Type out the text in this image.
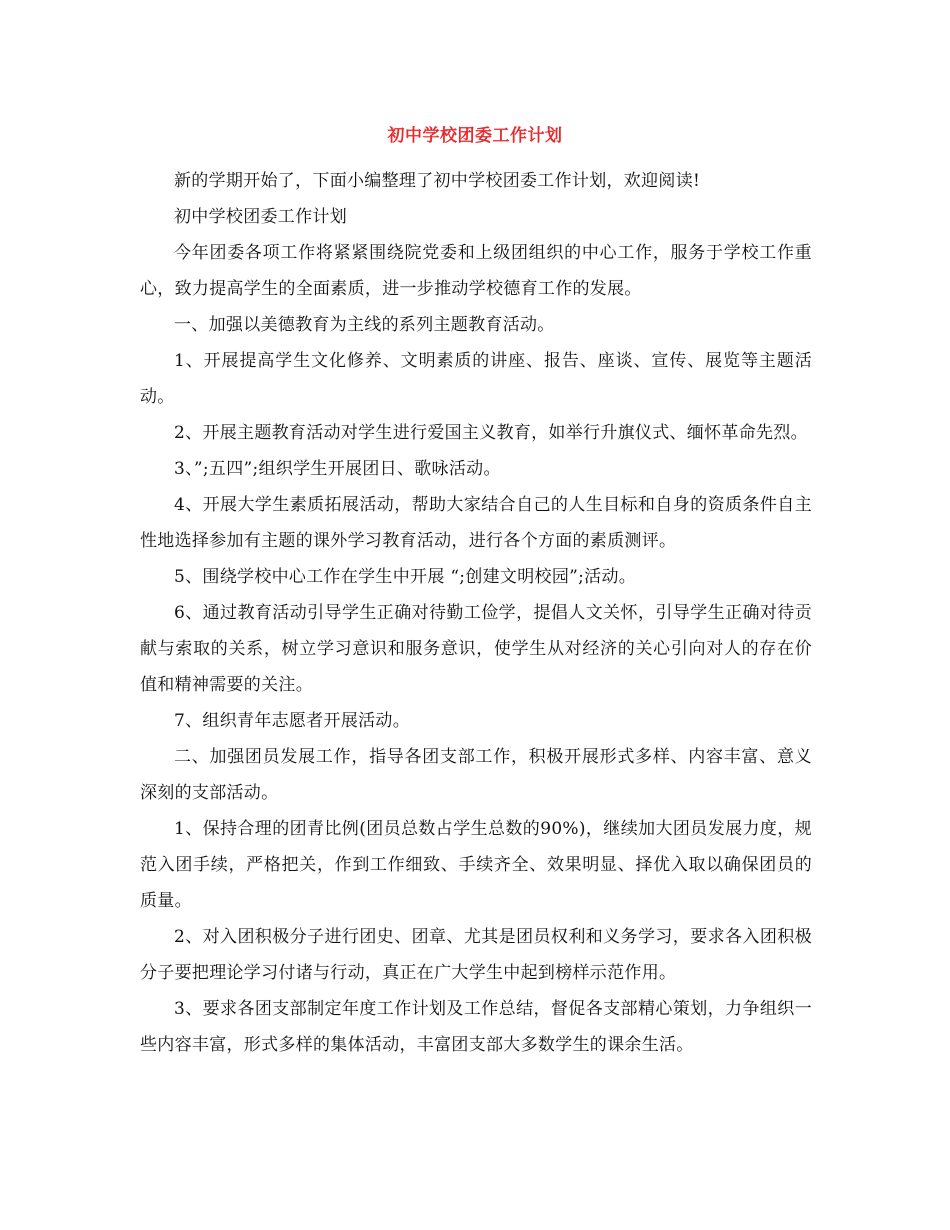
初中学校团委工作计划

新的学期开始了，下面小编整理了初中学校团委工作计划，欢迎阅读!

初中学校团委工作计划

今年团委各项工作将紧紧围绕院党委和上级团组织的中心工作，服务于学校工作重心，致力提高学生的全面素质，进一步推动学校德育工作的发展。

一、加强以美德教育为主线的系列主题教育活动。

1、开展提高学生文化修养、文明素质的讲座、报告、座谈、宣传、展览等主题活动。

2、开展主题教育活动对学生进行爱国主义教育，如举行升旗仪式、缅怀革命先烈。

3、”;五四”;组织学生开展团日、歌咏活动。

4、开展大学生素质拓展活动，帮助大家结合自己的人生目标和自身的资质条件自主性地选择参加有主题的课外学习教育活动，进行各个方面的素质测评。

5、围绕学校中心工作在学生中开展 “;创建文明校园”;活动。

6、通过教育活动引导学生正确对待勤工俭学，提倡人文关怀，引导学生正确对待贡献与索取的关系，树立学习意识和服务意识，使学生从对经济的关心引向对人的存在价值和精神需要的关注。

7、组织青年志愿者开展活动。

二、加强团员发展工作，指导各团支部工作，积极开展形式多样、内容丰富、意义深刻的支部活动。

1、保持合理的团青比例(团员总数占学生总数的90%)，继续加大团员发展力度，规范入团手续，严格把关，作到工作细致、手续齐全、效果明显、择优入取以确保团员的质量。

2、对入团积极分子进行团史、团章、尤其是团员权利和义务学习，要求各入团积极分子要把理论学习付诸与行动，真正在广大学生中起到榜样示范作用。

3、要求各团支部制定年度工作计划及工作总结，督促各支部精心策划，力争组织一些内容丰富，形式多样的集体活动，丰富团支部大多数学生的课余生活。
